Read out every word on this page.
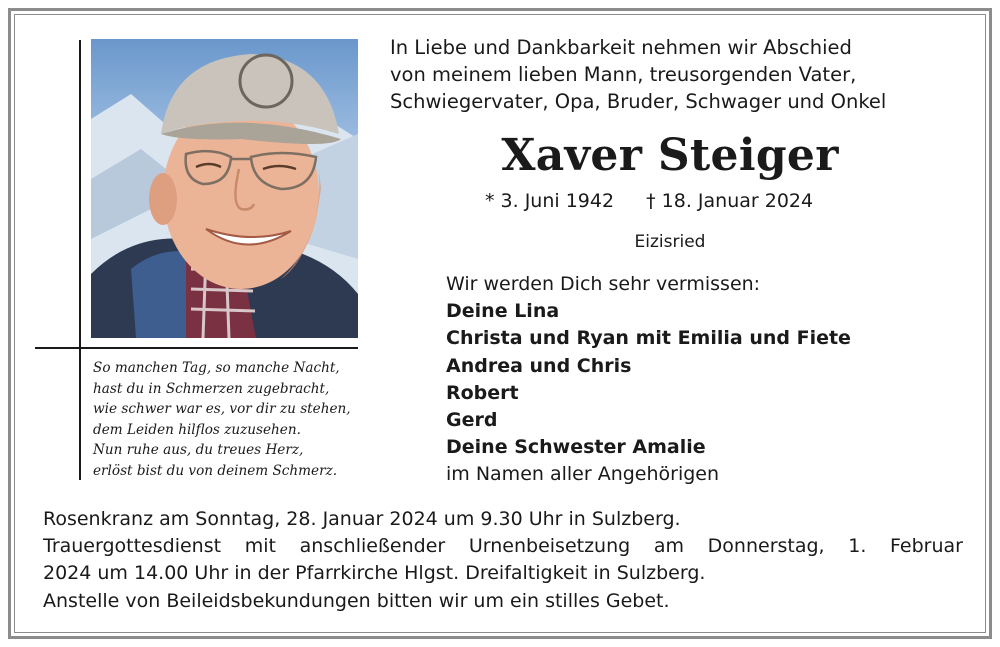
So manchen Tag, so manche Nacht,
hast du in Schmerzen zugebracht,
wie schwer war es, vor dir zu stehen,
dem Leiden hilflos zuzusehen.
Nun ruhe aus, du treues Herz,
erlöst bist du von deinem Schmerz.
In Liebe und Dankbarkeit nehmen wir Abschied
von meinem lieben Mann, treusorgenden Vater,
Schwiegervater, Opa, Bruder, Schwager und Onkel
Xaver Steiger
* 3. Juni 1942 † 18. Januar 2024
Eizisried
Wir werden Dich sehr vermissen:
Deine Lina
Christa und Ryan mit Emilia und Fiete
Andrea und Chris
Robert
Gerd
Deine Schwester Amalie
im Namen aller Angehörigen
Rosenkranz am Sonntag, 28. Januar 2024 um 9.30 Uhr in Sulzberg.
Trauergottesdienst mit anschließender Urnenbeisetzung am Donnerstag, 1. Februar
2024 um 14.00 Uhr in der Pfarrkirche Hlgst. Dreifaltigkeit in Sulzberg.
Anstelle von Beileidsbekundungen bitten wir um ein stilles Gebet.
